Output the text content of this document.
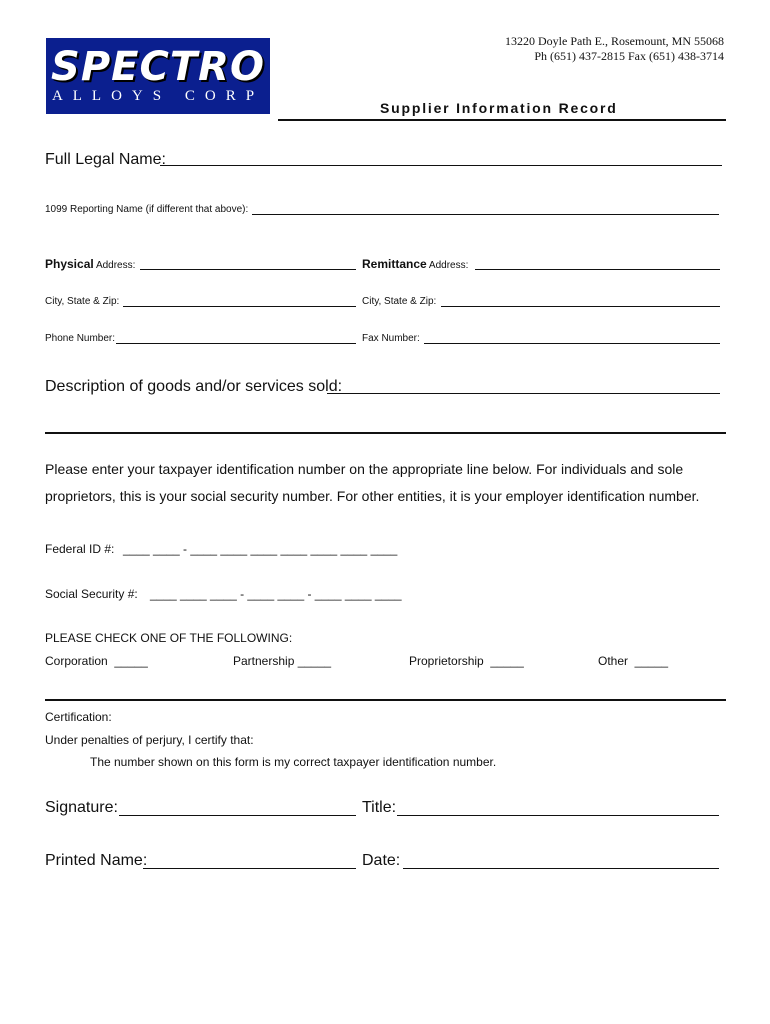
SPECTRO
ALLOYS CORP
13220 Doyle Path E., Rosemount, MN 55068
Ph (651) 437-2815 Fax (651) 438-3714
Supplier Information Record
Full Legal Name:
1099 Reporting Name (if different that above):
Physical Address:	Remittance Address:
City, State & Zip:	City, State & Zip:
Phone Number:	Fax Number:
Description of goods and/or services sold:
Please enter your taxpayer identification number on the appropriate line below. For individuals and sole proprietors, this is your social security number. For other entities, it is your employer identification number.
Federal ID #: ____ ____ - ____ ____ ____ ____ ____ ____ ____
Social Security #: ____ ____ ____ - ____ ____ - ____ ____ ____
PLEASE CHECK ONE OF THE FOLLOWING:
Corporation  _____	Partnership _____	Proprietorship  _____	Other  _____
Certification:
Under penalties of perjury, I certify that:
The number shown on this form is my correct taxpayer identification number.
Signature:	Title:
Printed Name:	Date:
